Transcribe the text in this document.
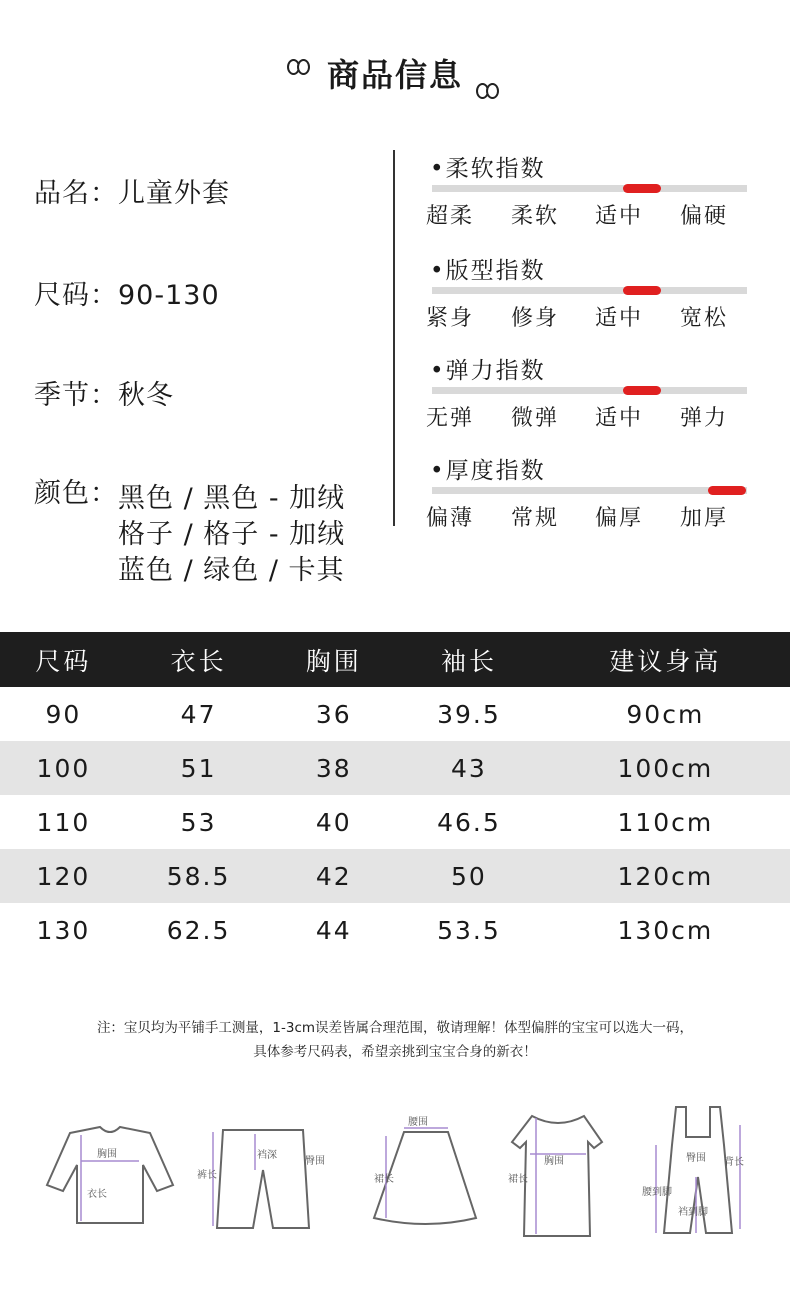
商品信息
品名：儿童外套
尺码：90-130
季节：秋冬
颜色： 黑色 / 黑色 - 加绒
格子 / 格子 - 加绒
蓝色 / 绿色 / 卡其
•柔软指数
超柔	柔软	适中	偏硬
•版型指数
紧身	修身	适中	宽松
•弹力指数
无弹	微弹	适中	弹力
•厚度指数
偏薄	常规	偏厚	加厚
尺码	衣长	胸围	袖长	建议身高
90	47	36	39.5	90cm
100	51	38	43	100cm
110	53	40	46.5	110cm
120	58.5	42	50	120cm
130	62.5	44	53.5	130cm
注：宝贝均为平铺手工测量，1-3cm误差皆属合理范围，敬请理解！体型偏胖的宝宝可以选大一码，
具体参考尺码表，希望亲挑到宝宝合身的新衣！
胸围
衣长
裆深
臀围
裤长
腰围
裙长
胸围
裙长
臀围
腰到脚
裆到脚
背长
